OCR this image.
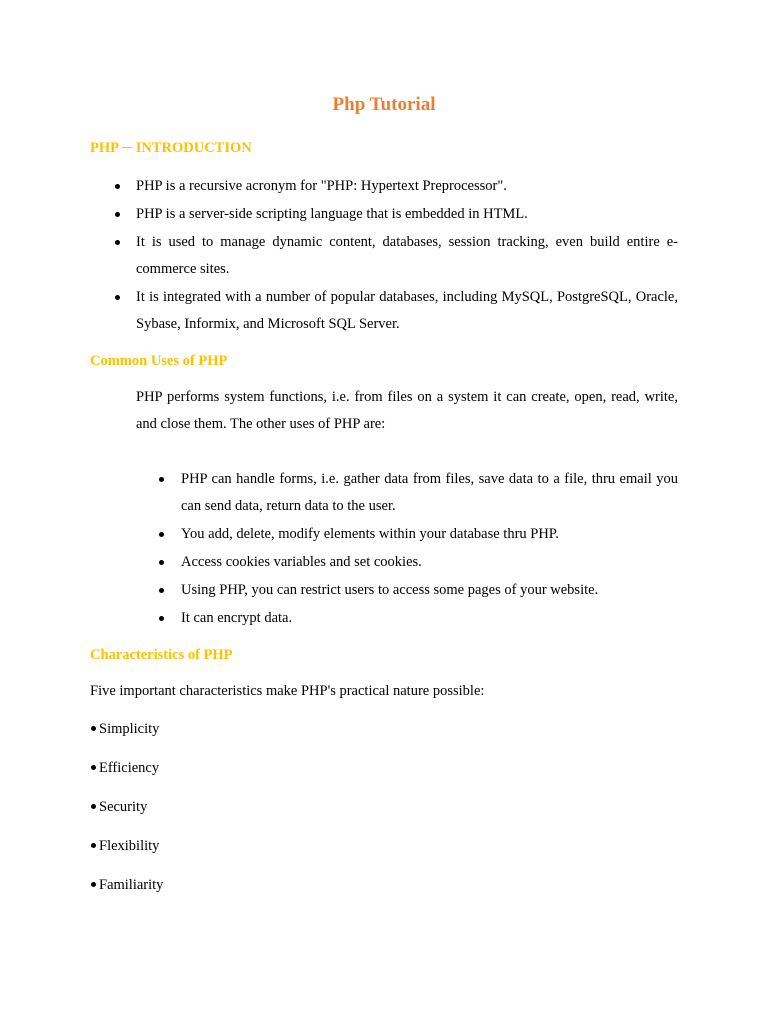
Php Tutorial
PHP ─ INTRODUCTION
PHP is a recursive acronym for "PHP: Hypertext Preprocessor".
PHP is a server-side scripting language that is embedded in HTML.
It is used to manage dynamic content, databases, session tracking, even build entire e-commerce sites.
It is integrated with a number of popular databases, including MySQL, PostgreSQL, Oracle, Sybase, Informix, and Microsoft SQL Server.
Common Uses of PHP
PHP performs system functions, i.e. from files on a system it can create, open, read, write, and close them. The other uses of PHP are:
PHP can handle forms, i.e. gather data from files, save data to a file, thru email you can send data, return data to the user.
You add, delete, modify elements within your database thru PHP.
Access cookies variables and set cookies.
Using PHP, you can restrict users to access some pages of your website.
It can encrypt data.
Characteristics of PHP
Five important characteristics make PHP's practical nature possible:
Simplicity
Efficiency
Security
Flexibility
Familiarity
